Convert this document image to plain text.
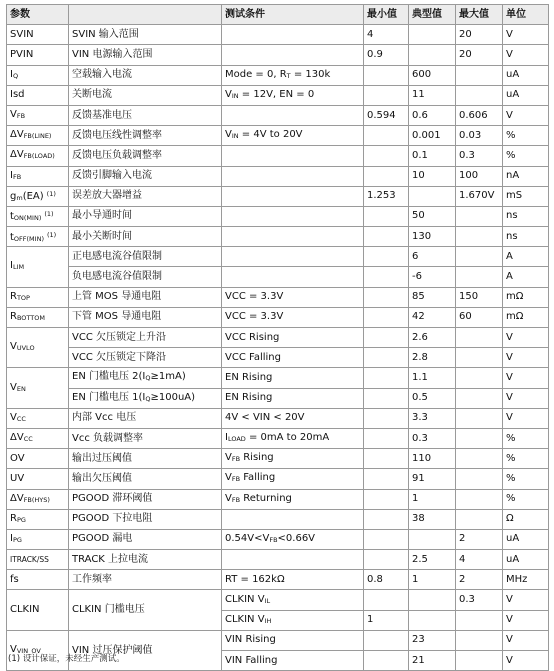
参数		测试条件	最小值	典型值	最大值	单位
SVIN	SVIN 输入范围		4		20	V
PVIN	VIN 电源输入范围		0.9		20	V
IQ	空载输入电流	Mode = 0, RT = 130k		600		uA
Isd	关断电流	VIN = 12V, EN = 0		11		uA
VFB	反馈基准电压		0.594	0.6	0.606	V
ΔVFB(LINE)	反馈电压线性调整率	VIN = 4V to 20V		0.001	0.03	%
ΔVFB(LOAD)	反馈电压负载调整率			0.1	0.3	%
IFB	反馈引脚输入电流			10	100	nA
gm(EA) $^{(1)}$	误差放大器增益		1.253		1.670V	mS
tON(MIN) $^{(1)}$	最小导通时间			50		ns
tOFF(MIN) $^{(1)}$	最小关断时间			130		ns
ILIM	正电感电流谷值限制			6		A
	负电感电流谷值限制			-6		A
RTOP	上管 MOS 导通电阻	VCC = 3.3V		85	150	mΩ
RBOTTOM	下管 MOS 导通电阻	VCC = 3.3V		42	60	mΩ
VUVLO	VCC 欠压锁定上升沿	VCC Rising		2.6		V
	VCC 欠压锁定下降沿	VCC Falling		2.8		V
VEN	EN 门槛电压 2(IQ≥1mA)	EN Rising		1.1		V
	EN 门槛电压 1(IQ≥100uA)	EN Rising		0.5		V
VCC	内部 Vcc 电压	4V < VIN < 20V		3.3		V
ΔVCC	Vcc 负载调整率	ILOAD = 0mA to 20mA		0.3		%
OV	输出过压阈值	VFB Rising		110		%
UV	输出欠压阈值	VFB Falling		91		%
ΔVFB(HYS)	PGOOD 滞环阈值	VFB Returning		1		%
RPG	PGOOD 下拉电阻			38		Ω
IPG	PGOOD 漏电	0.54V<VFB<0.66V			2	uA
ITRACK/SS	TRACK 上拉电流			2.5	4	uA
fs	工作频率	RT = 162kΩ	0.8	1	2	MHz
CLKIN	CLKIN 门槛电压	CLKIN VIL			0.3	V
		CLKIN VIH	1			V
VVIN_OV	VIN 过压保护阈值	VIN Rising		23		V
		VIN Falling		21		V
(1) 设计保证，未经生产测试。
